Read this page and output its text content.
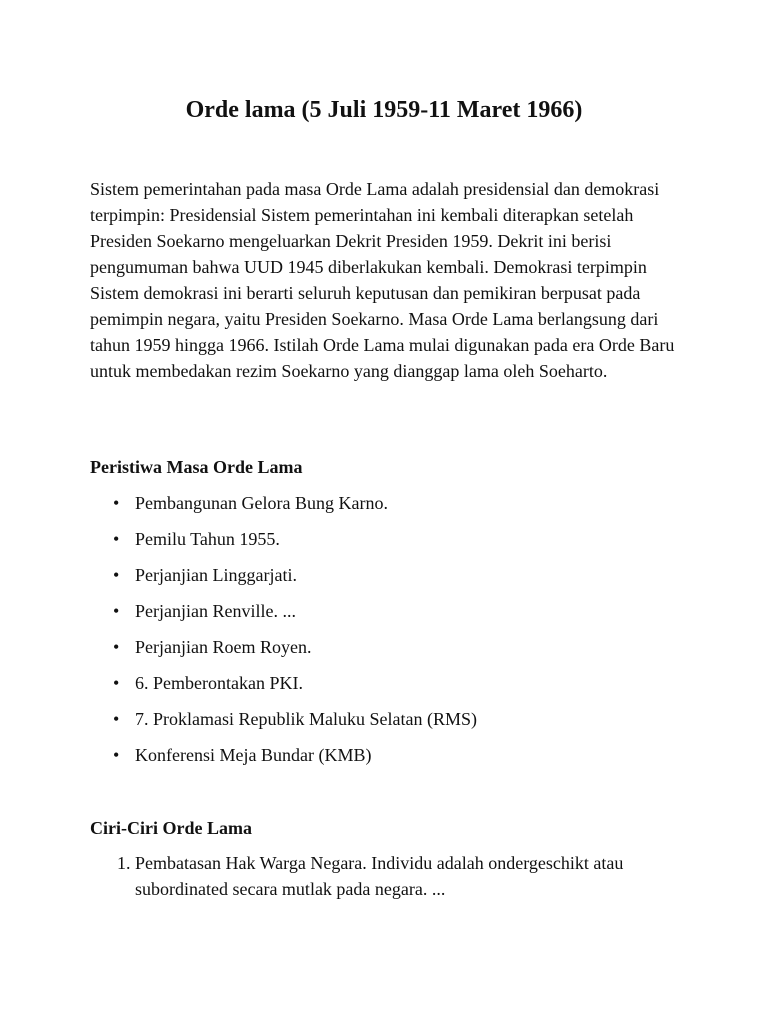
Orde lama (5 Juli 1959-11 Maret 1966)

Sistem pemerintahan pada masa Orde Lama adalah presidensial dan demokrasi terpimpin: Presidensial Sistem pemerintahan ini kembali diterapkan setelah Presiden Soekarno mengeluarkan Dekrit Presiden 1959. Dekrit ini berisi pengumuman bahwa UUD 1945 diberlakukan kembali. Demokrasi terpimpin Sistem demokrasi ini berarti seluruh keputusan dan pemikiran berpusat pada pemimpin negara, yaitu Presiden Soekarno. Masa Orde Lama berlangsung dari tahun 1959 hingga 1966. Istilah Orde Lama mulai digunakan pada era Orde Baru untuk membedakan rezim Soekarno yang dianggap lama oleh Soeharto.

Peristiwa Masa Orde Lama
• Pembangunan Gelora Bung Karno.
• Pemilu Tahun 1955.
• Perjanjian Linggarjati.
• Perjanjian Renville. ...
• Perjanjian Roem Royen.
• 6. Pemberontakan PKI.
• 7. Proklamasi Republik Maluku Selatan (RMS)
• Konferensi Meja Bundar (KMB)
Ciri-Ciri Orde Lama
1. Pembatasan Hak Warga Negara. Individu adalah ondergeschikt atau subordinated secara mutlak pada negara. ...
